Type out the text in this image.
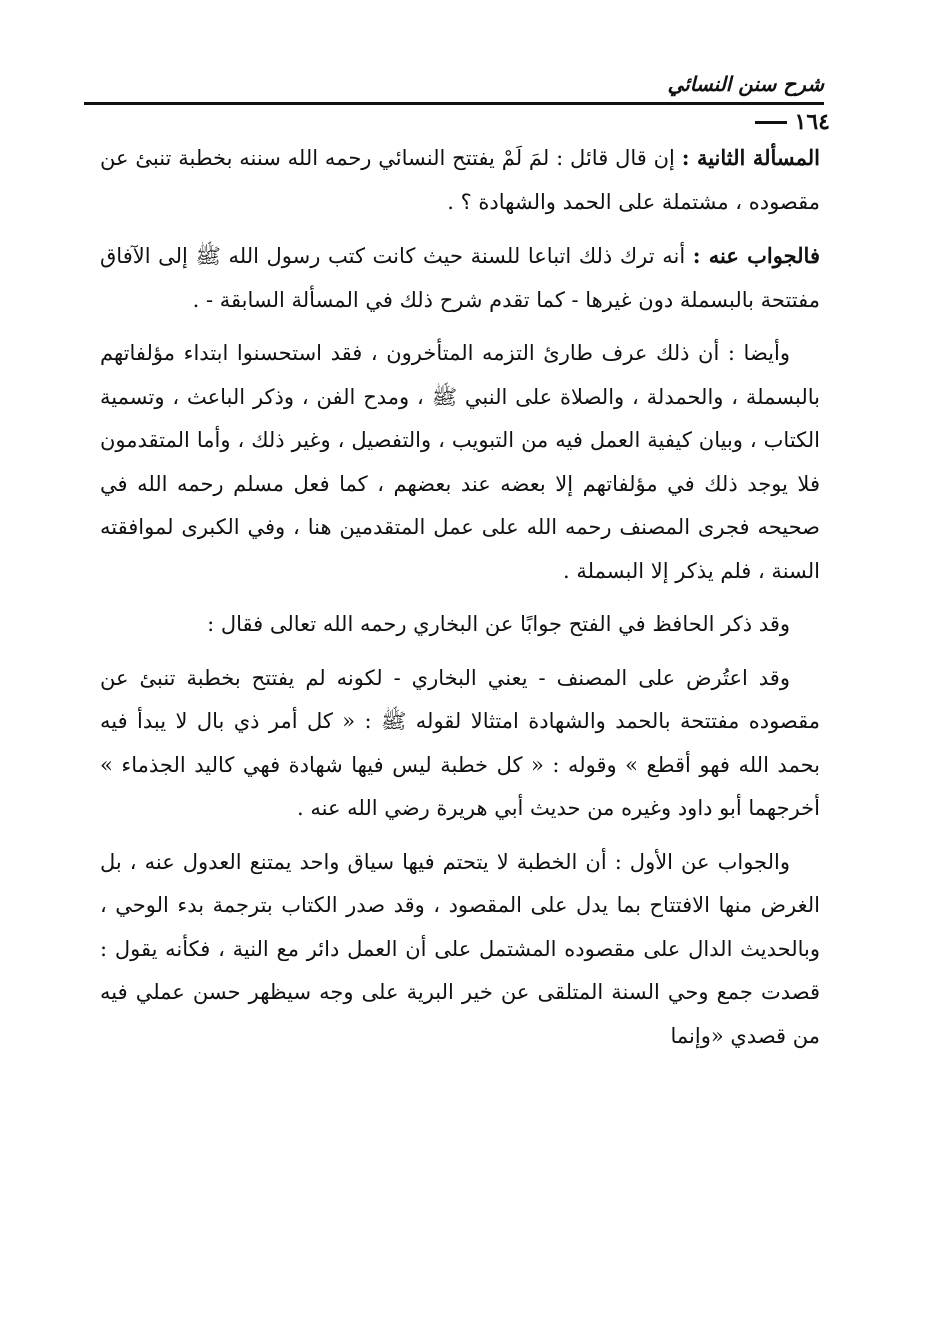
شرح سنن النسائي
١٦٤

المسألة الثانية : إن قال قائل : لمَ لَمْ يفتتح النسائي رحمه الله سننه بخطبة تنبئ عن مقصوده ، مشتملة على الحمد والشهادة ؟ .

فالجواب عنه : أنه ترك ذلك اتباعا للسنة حيث كانت كتب رسول الله ﷺ إلى الآفاق مفتتحة بالبسملة دون غيرها - كما تقدم شرح ذلك في المسألة السابقة - .

وأيضا : أن ذلك عرف طارئ التزمه المتأخرون ، فقد استحسنوا ابتداء مؤلفاتهم بالبسملة ، والحمدلة ، والصلاة على النبي ﷺ ، ومدح الفن ، وذكر الباعث ، وتسمية الكتاب ، وبيان كيفية العمل فيه من التبويب ، والتفصيل ، وغير ذلك ، وأما المتقدمون فلا يوجد ذلك في مؤلفاتهم إلا بعضه عند بعضهم ، كما فعل مسلم رحمه الله في صحيحه فجرى المصنف رحمه الله على عمل المتقدمين هنا ، وفي الكبرى لموافقته السنة ، فلم يذكر إلا البسملة .

وقد ذكر الحافظ في الفتح جوابًا عن البخاري رحمه الله تعالى فقال :

وقد اعتُرض على المصنف - يعني البخاري - لكونه لم يفتتح بخطبة تنبئ عن مقصوده مفتتحة بالحمد والشهادة امتثالا لقوله ﷺ : « كل أمر ذي بال لا يبدأ فيه بحمد الله فهو أقطع » وقوله : « كل خطبة ليس فيها شهادة فهي كاليد الجذماء » أخرجهما أبو داود وغيره من حديث أبي هريرة رضي الله عنه .

والجواب عن الأول : أن الخطبة لا يتحتم فيها سياق واحد يمتنع العدول عنه ، بل الغرض منها الافتتاح بما يدل على المقصود ، وقد صدر الكتاب بترجمة بدء الوحي ، وبالحديث الدال على مقصوده المشتمل على أن العمل دائر مع النية ، فكأنه يقول : قصدت جمع وحي السنة المتلقى عن خير البرية على وجه سيظهر حسن عملي فيه من قصدي «وإنما
